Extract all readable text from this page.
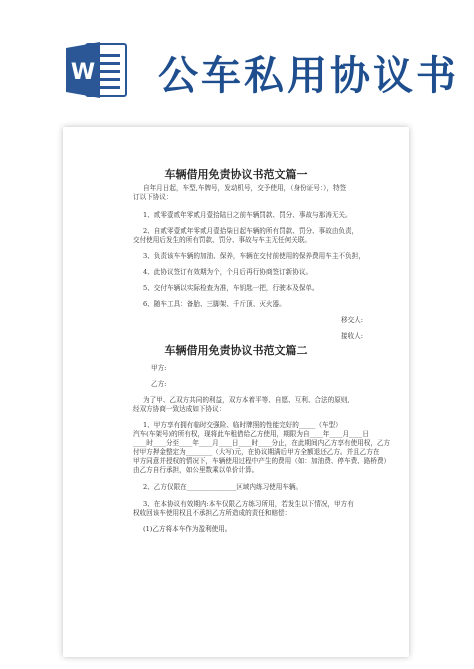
W 公车私用协议书
车辆借用免责协议书范文篇一
自年月日起，车型,车牌号，发动机号，交予使用，（身份证号：），特签
订以下协议：
1、贰零壹贰年零贰月壹拾陆日之前车辆罚款、罚分、事故与那涛无关。
2、自贰零壹贰年零贰月壹拾柒日起车辆的所有罚款、罚分、事故由负责，
交付使用后发生的所有罚款、罚分、事故与车主无任何关联。
3、负责该车车辆的加油、保养，车辆在交付前使用的保养费用车主不负担，
4、此协议签订有效期为个，个月后再行协商签订新协议。
5、交付车辆以实际检查为准，车钥匙一把，行驶本及保单。
6、随车工具：备胎、三脚架、千斤顶、灭火器。
移交人:
接收人:
车辆借用免责协议书范文篇二
甲方:
乙方:
为了甲、乙双方共同的利益，双方本着平等、自愿、互利、合法的原则,
经双方协商一致达成如下协议：
1、甲方享有拥有临时交强险、临时牌照的性能完好的_____（车型）
汽车(车架号)的所有权，现将此车租借给乙方使用，期限为自____年____月____日
____时____分至____年____月____日____时____分止，在此期间内乙方享有使用权，乙方
付甲方押金整定为________（大写)元，在协议期满后甲方全额退还乙方。并且乙方在
甲方同意并授权的情况下，车辆使用过程中产生的费用（如：加油费、停车费、路桥费）
由乙方自行承担，如公里数乘以单价计算。
2、乙方仅限在_______________区域内练习使用车辆。
3、在本协议有效期内:本车仅限乙方练习所用，若发生以下情况，甲方有
权收回该车使用权且不承担乙方所造成的责任和赔偿：
(1)乙方将本车作为盈利使用。
